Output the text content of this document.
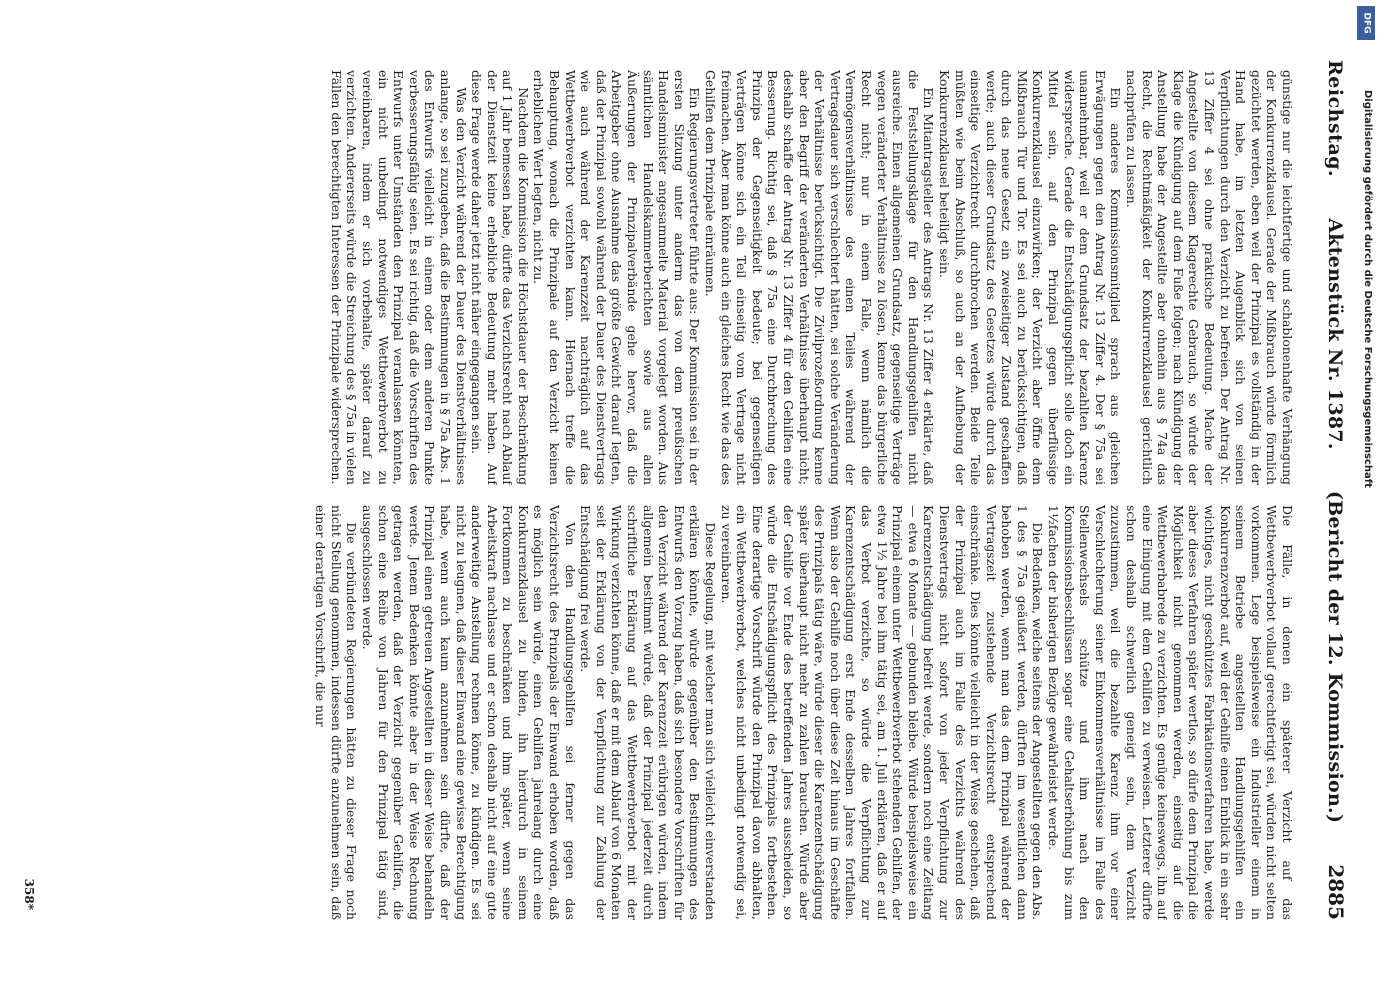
Reichstag.
Aktenstück Nr. 1387.
(Bericht der 12. Kommission.)
2885

günstige nur die leichtfertige und schablonenhafte Verhängung der Konkurrenzklausel. Gerade der Mißbrauch würde förmlich gezüchtet werden, eben weil der Prinzipal es vollständig in der Hand habe, im letzten Augenblick sich von seinen Verpflichtungen durch den Verzicht zu befreien. Der Antrag Nr. 13 Ziffer 4 sei ohne praktische Bedeutung. Mache der Angestellte von diesem Klagerechte Gebrauch, so würde der Klage die Kündigung auf dem Fuße folgen; nach Kündigung der Anstellung habe der Angestellte aber ohnehin aus § 74a das Recht, die Rechtmäßigkeit der Konkurrenzklausel gerichtlich nachprüfen zu lassen.

Ein anderes Kommissionsmitglied sprach aus gleichen Erwägungen gegen den Antrag Nr. 13 Ziffer 4. Der § 75a sei unannehmbar, weil er dem Grundsatz der bezahlten Karenz widerspreche. Gerade die Entschädigungspflicht solle doch ein Mittel sein, auf den Prinzipal gegen überflüssige Konkurrenzklausel einzuwirken; der Verzicht aber öffne dem Mißbrauch Tür und Tor. Es sei auch zu berücksichtigen, daß durch das neue Gesetz ein zweiseitiger Zustand geschaffen werde; auch dieser Grundsatz des Gesetzes würde durch das einseitige Verzichtrecht durchbrochen werden. Beide Teile müßten wie beim Abschluß, so auch an der Aufhebung der Konkurrenzklausel beteiligt sein.

Ein Mitantragsteller des Antrags Nr. 13 Ziffer 4 erklärte, daß die Feststellungsklage für den Handlungsgehilfen nicht ausreiche. Einen allgemeinen Grundsatz, gegenseitige Verträge wegen veränderter Verhältnisse zu lösen, kenne das bürgerliche Recht nicht; nur in einem Falle, wenn nämlich die Vermögensverhältnisse des einen Teiles während der Vertragsdauer sich verschlechtert hätten, sei solche Veränderung der Verhältnisse berücksichtigt. Die Zivilprozeßordnung kenne aber den Begriff der veränderten Verhältnisse überhaupt nicht; deshalb schaffe der Antrag Nr. 13 Ziffer 4 für den Gehilfen eine Besserung. Richtig sei, daß § 75a eine Durchbrechung des Prinzips der Gegenseitigkeit bedeute; bei gegenseitigen Verträgen könne sich ein Teil einseitig vom Vertrage nicht freimachen. Aber man könne auch ein gleiches Recht wie das des Gehilfen dem Prinzipale einräumen.

Ein Regierungsvertreter führte aus: Der Kommission sei in der ersten Sitzung unter anderm das von dem preußischen Handelsminister angesammelte Material vorgelegt worden. Aus sämtlichen Handelskammerberichten sowie aus allen Äußerungen der Prinzipalverbände gehe hervor, daß die Arbeitgeber ohne Ausnahme das größte Gewicht darauf legten, daß der Prinzipal sowohl während der Dauer des Dienstvertrags wie auch während der Karenzzeit nachträglich auf das Wettbewerbverbot verzichten kann. Hiernach treffe die Behauptung, wonach die Prinzipale auf den Verzicht keinen erheblichen Wert legten, nicht zu.

Nachdem die Kommission die Höchstdauer der Beschränkung auf 1 Jahr bemessen habe, dürfte das Verzichtsrecht nach Ablauf der Dienstzeit keine erhebliche Bedeutung mehr haben. Auf diese Frage werde daher jetzt nicht näher eingegangen sein.

Was den Verzicht während der Dauer des Dienstverhältnisses anlange, so sei zuzugeben, daß die Bestimmungen in § 75a Abs. 1 des Entwurfs vielleicht in einem oder dem anderen Punkte verbesserungsfähig seien. Es sei richtig, daß die Vorschriften des Entwurfs unter Umständen den Prinzipal veranlassen könnten, ein nicht unbedingt notwendiges Wettbewerbverbot zu vereinbaren, indem er sich vorbehalte, später darauf zu verzichten. Andererseits würde die Streichung des § 75a in vielen Fällen den berechtigten Interessen der Prinzipale widersprechen.

Die Fälle, in denen ein späterer Verzicht auf das Wettbewerbverbot vollauf gerechtfertigt sei, würden nicht selten vorkommen. Lege beispielsweise ein Industrieller einem in seinem Betriebe angestellten Handlungsgehilfen ein Konkurrenzverbot auf, weil der Gehilfe einen Einblick in ein sehr wichtiges, nicht geschütztes Fabrikationsverfahren habe, werde aber dieses Verfahren später wertlos, so dürfe dem Prinzipal die Möglichkeit nicht genommen werden, einseitig auf die Wettbewerbabrede zu verzichten. Es genüge keineswegs, ihn auf eine Einigung mit dem Gehilfen zu verweisen. Letzterer dürfte schon deshalb schwerlich geneigt sein, dem Verzicht zuzustimmen, weil die bezahlte Karenz ihm vor einer Verschlechterung seiner Einkommensverhältnisse im Falle des Stellenwechsels schütze und ihm nach den Kommissionsbeschlüssen sogar eine Gehaltserhöhung bis zum 1½fachen der bisherigen Bezüge gewährleistet werde.

Die Bedenken, welche seitens der Angestellten gegen den Abs. 1 des § 75a geäußert werden, dürften im wesentlichen dann behoben werden, wenn man das dem Prinzipal während der Vertragszeit zustehende Verzichtsrecht entsprechend einschränke. Dies könnte vielleicht in der Weise geschehen, daß der Prinzipal auch im Falle des Verzichts während des Dienstvertrags nicht sofort von jeder Verpflichtung zur Karenzentschädigung befreit werde, sondern noch eine Zeitlang — etwa 6 Monate — gebunden bleibe. Würde beispielsweise ein Prinzipal einem unter Wettbewerbverbot stehenden Gehilfen, der etwa 1½ Jahre bei ihm tätig sei, am 1. Juli erklären, daß er auf das Verbot verzichte, so würde die Verpflichtung zur Karenzentschädigung erst Ende desselben Jahres fortfallen. Wenn also der Gehilfe noch über diese Zeit hinaus im Geschäfte des Prinzipals tätig wäre, würde dieser die Karenzentschädigung später überhaupt nicht mehr zu zahlen brauchen. Würde aber der Gehilfe vor Ende des betreffenden Jahres ausscheiden, so würde die Entschädigungspflicht des Prinzipals fortbestehen. Eine derartige Vorschrift würde den Prinzipal davon abhalten, ein Wettbewerbverbot, welches nicht unbedingt notwendig sei, zu vereinbaren.

Diese Regelung, mit welcher man sich vielleicht einverstanden erklären könnte, würde gegenüber den Bestimmungen des Entwurfs den Vorzug haben, daß sich besondere Vorschriften für den Verzicht während der Karenzzeit erübrigen würden, indem allgemein bestimmt würde, daß der Prinzipal jederzeit durch schriftliche Erklärung auf das Wettbewerbverbot mit der Wirkung verzichten könne, daß er mit dem Ablauf von 6 Monaten seit der Erklärung von der Verpflichtung zur Zahlung der Entschädigung frei werde.

Von den Handlungsgehilfen sei ferner gegen das Verzichtsrecht des Prinzipals der Einwand erhoben worden, daß es möglich sein würde, einen Gehilfen jahrelang durch eine Konkurrenzklausel zu binden, ihn hierdurch in seinem Fortkommen zu beschränken und ihm später, wenn seine Arbeitskraft nachlasse und er schon deshalb nicht auf eine gute anderweitige Anstellung rechnen könne, zu kündigen. Es sei nicht zu leugnen, daß dieser Einwand eine gewisse Berechtigung habe, wenn auch kaum anzunehmen sein dürfte, daß der Prinzipal einen getreuen Angestellten in dieser Weise behandeln werde. Jenem Bedenken könnte aber in der Weise Rechnung getragen werden, daß der Verzicht gegenüber Gehilfen, die schon eine Reihe von Jahren für den Prinzipal tätig sind, ausgeschlossen werde.

Die verbündeten Regierungen hätten zu dieser Frage noch nicht Stellung genommen, indessen dürfte anzunehmen sein, daß einer derartigen Vorschrift, die nur

358*
DFG
Digitalisierung gefördert durch die Deutsche Forschungsgemeinschaft
